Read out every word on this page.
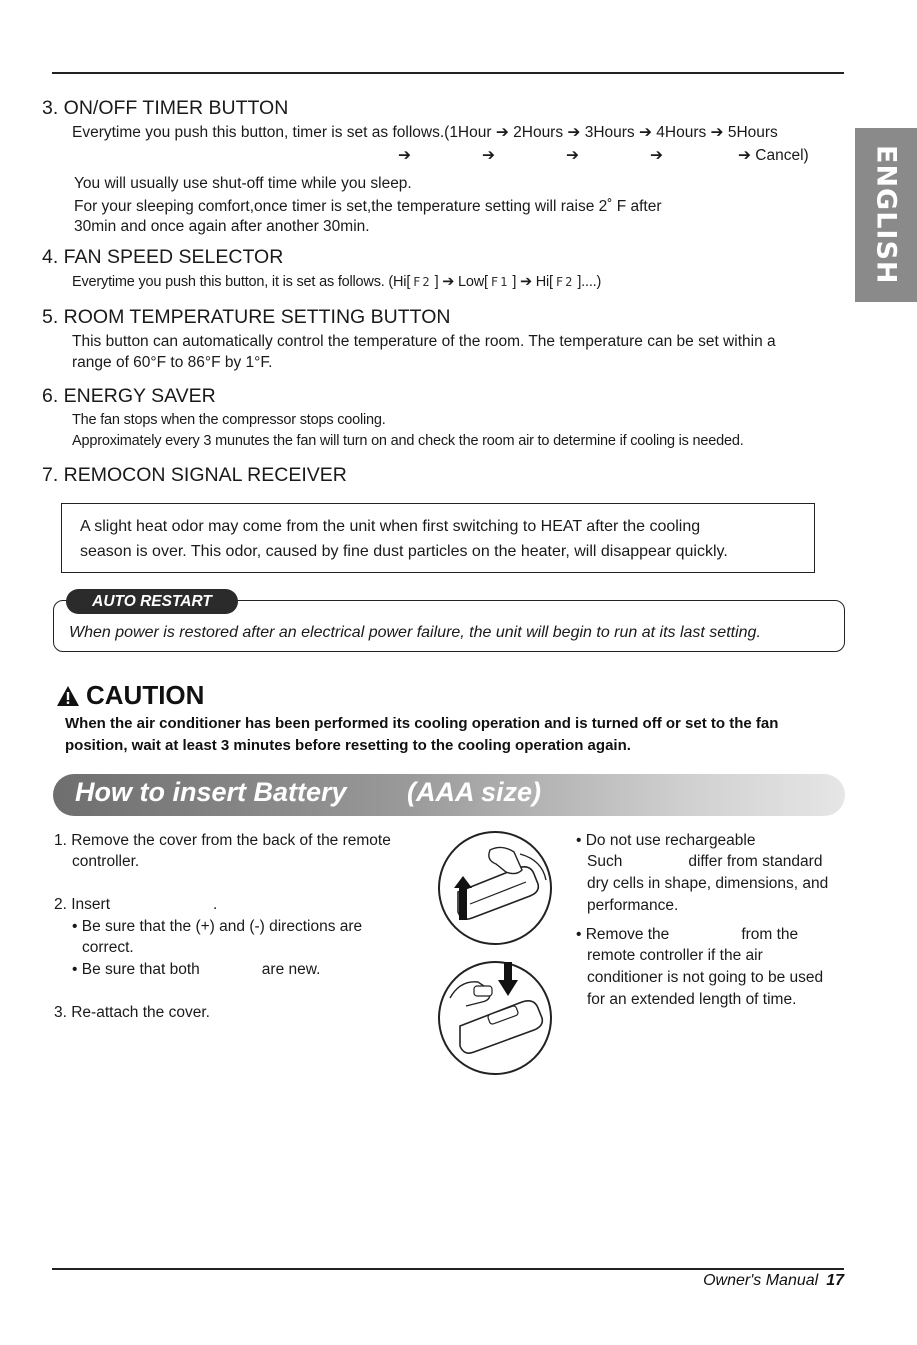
ENGLISH
3. ON/OFF TIMER BUTTON
Everytime you push this button, timer is set as follows.(1Hour ➔ 2Hours ➔ 3Hours ➔ 4Hours ➔ 5Hours
➔	➔	➔	➔	➔ Cancel)
You will usually use shut-off time while you sleep.
For your sleeping comfort,once timer is set,the temperature setting will raise 2˚ F after
30min and once again after another 30min.
4. FAN SPEED SELECTOR
Everytime you push this button, it is set as follows. (Hi[ F2 ] ➔ Low[ F1 ] ➔ Hi[ F2 ]....)
5. ROOM TEMPERATURE SETTING BUTTON
This button can automatically control the temperature of the room. The temperature can be set within a
range of 60°F to 86°F by 1°F.
6. ENERGY SAVER
The fan stops when the compressor stops cooling.
Approximately every 3 munutes the fan will turn on and check the room air to determine if cooling is needed.
7. REMOCON SIGNAL RECEIVER
A slight heat odor may come from the unit when first switching to HEAT after the cooling
season is over. This odor, caused by fine dust particles on the heater, will disappear quickly.
AUTO RESTART
When power is restored after an electrical power failure, the unit will begin to run at its last setting.
CAUTION
When the air conditioner has been performed its cooling operation and is turned off or set to the fan
position, wait at least 3 minutes before resetting to the cooling operation again.
How to insert Battery (AAA size)
1. Remove the cover from the back of the remote
controller.
2. Insert	.
• Be sure that the (+) and (-) directions are
correct.
• Be sure that both	are new.
3. Re-attach the cover.
• Do not use rechargeable
Such	differ from standard
dry cells in shape, dimensions, and
performance.
• Remove the	from the
remote controller if the air
conditioner is not going to be used
for an extended length of time.
Owner's Manual 17
